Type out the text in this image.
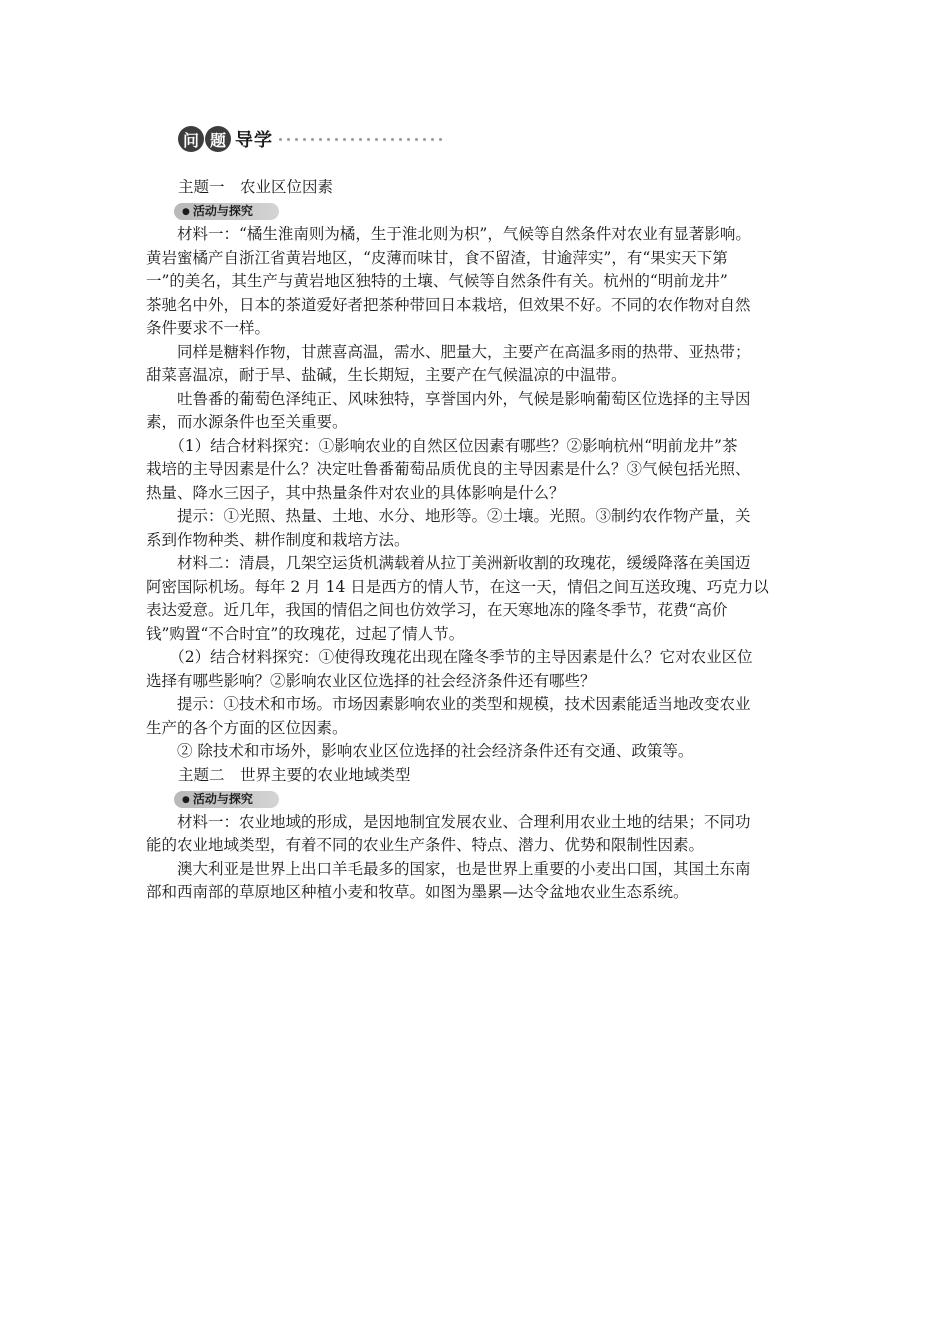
问 题 导学
主题一　农业区位因素
● 活动与探究
　　材料一：“橘生淮南则为橘，生于淮北则为枳”，气候等自然条件对农业有显著影响。
黄岩蜜橘产自浙江省黄岩地区，“皮薄而味甘，食不留渣，甘逾萍实”，有“果实天下第
一”的美名，其生产与黄岩地区独特的土壤、气候等自然条件有关。杭州的“明前龙井”
茶驰名中外，日本的茶道爱好者把茶种带回日本栽培，但效果不好。不同的农作物对自然
条件要求不一样。
　　同样是糖料作物，甘蔗喜高温，需水、肥量大，主要产在高温多雨的热带、亚热带；
甜菜喜温凉，耐于旱、盐碱，生长期短，主要产在气候温凉的中温带。
　　吐鲁番的葡萄色泽纯正、风味独特，享誉国内外，气候是影响葡萄区位选择的主导因
素，而水源条件也至关重要。
　　（1）结合材料探究：①影响农业的自然区位因素有哪些？②影响杭州“明前龙井”茶
栽培的主导因素是什么？决定吐鲁番葡萄品质优良的主导因素是什么？③气候包括光照、
热量、降水三因子，其中热量条件对农业的具体影响是什么？
　　提示：①光照、热量、土地、水分、地形等。②土壤。光照。③制约农作物产量，关
系到作物种类、耕作制度和栽培方法。
　　材料二：清晨，几架空运货机满载着从拉丁美洲新收割的玫瑰花，缓缓降落在美国迈
阿密国际机场。每年 2 月 14 日是西方的情人节，在这一天，情侣之间互送玫瑰、巧克力以
表达爱意。近几年，我国的情侣之间也仿效学习，在天寒地冻的隆冬季节，花费“高价
钱”购置“不合时宜”的玫瑰花，过起了情人节。
　　（2）结合材料探究：①使得玫瑰花出现在隆冬季节的主导因素是什么？它对农业区位
选择有哪些影响？②影响农业区位选择的社会经济条件还有哪些？
　　提示：①技术和市场。市场因素影响农业的类型和规模，技术因素能适当地改变农业
生产的各个方面的区位因素。
　　② 除技术和市场外，影响农业区位选择的社会经济条件还有交通、政策等。
主题二　世界主要的农业地域类型
● 活动与探究
　　材料一：农业地域的形成，是因地制宜发展农业、合理利用农业土地的结果；不同功
能的农业地域类型，有着不同的农业生产条件、特点、潜力、优势和限制性因素。
　　澳大利亚是世界上出口羊毛最多的国家，也是世界上重要的小麦出口国，其国土东南
部和西南部的草原地区种植小麦和牧草。如图为墨累—达令盆地农业生态系统。
